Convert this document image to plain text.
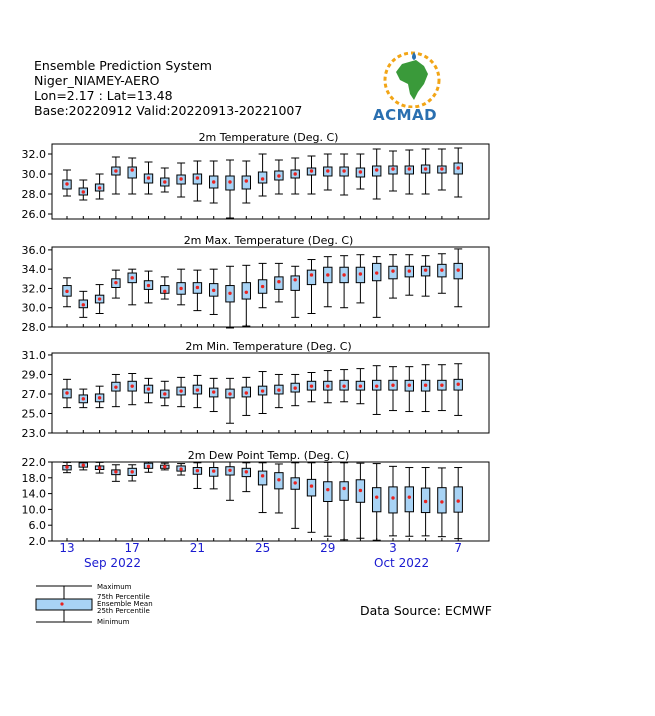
Ensemble Prediction System
Niger_NIAMEY-AERO
Lon=2.17 : Lat=13.48
Base:20220912 Valid:20220913-20221007	ACMAD
2m Temperature (Deg. C)
32.0
30.0
28.0
26.0
2m Max. Temperature (Deg. C)
36.0
34.0
32.0
30.0
28.0
2m Min. Temperature (Deg. C)
31.0
29.0
27.0
25.0
23.0
2m Dew Point Temp. (Deg. C)
22.0
18.0
14.0
10.0
6.0
2.0 13	17	21	25	29	3	7
Sep 2022	Oct 2022
Maximum
75th Percentile
Ensemble Mean
25th Percentile
Minimum
Data Source: ECMWF
